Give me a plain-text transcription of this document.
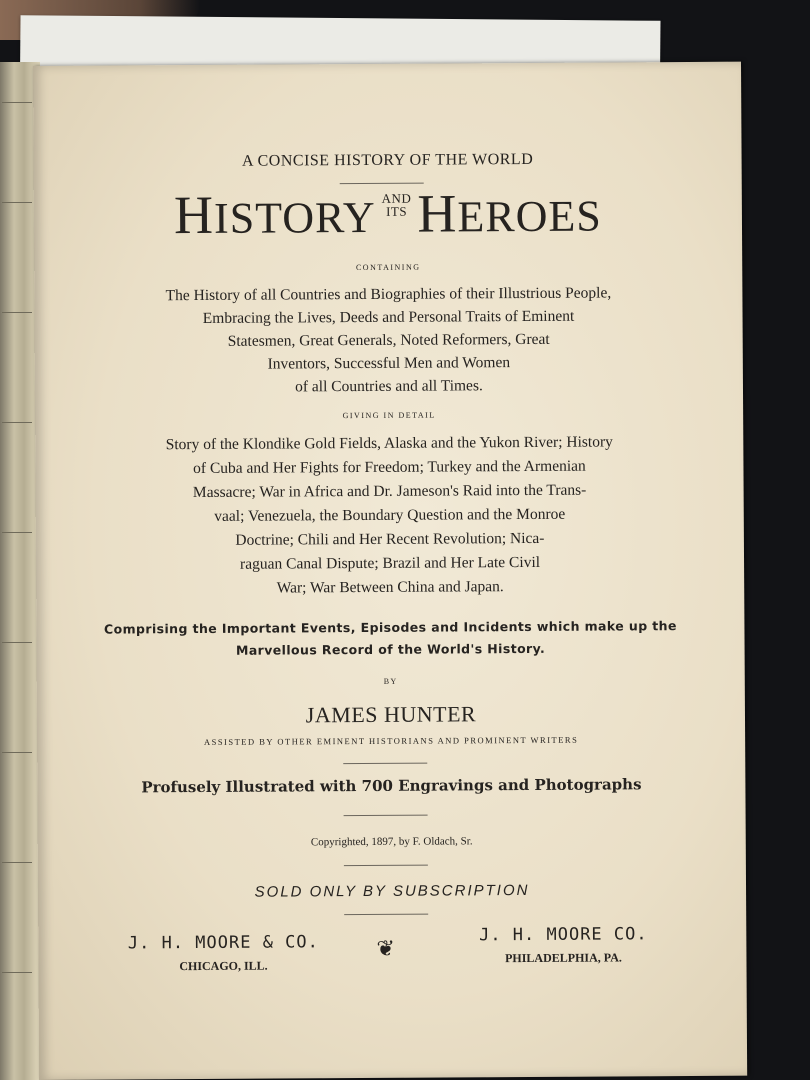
A CONCISE HISTORY OF THE WORLD
HISTORY AND
ITS HEROES
CONTAINING
The History of all Countries and Biographies of their Illustrious People,
Embracing the Lives, Deeds and Personal Traits of Eminent
Statesmen, Great Generals, Noted Reformers, Great
Inventors, Successful Men and Women
of all Countries and all Times.
GIVING IN DETAIL
Story of the Klondike Gold Fields, Alaska and the Yukon River; History
of Cuba and Her Fights for Freedom; Turkey and the Armenian
Massacre; War in Africa and Dr. Jameson's Raid into the Trans-
vaal; Venezuela, the Boundary Question and the Monroe
Doctrine; Chili and Her Recent Revolution; Nica-
raguan Canal Dispute; Brazil and Her Late Civil
War; War Between China and Japan.
Comprising the Important Events, Episodes and Incidents which make up the
Marvellous Record of the World's History.
BY
JAMES HUNTER
ASSISTED BY OTHER EMINENT HISTORIANS AND PROMINENT WRITERS
Profusely Illustrated with 700 Engravings and Photographs
Copyrighted, 1897, by F. Oldach, Sr.
SOLD ONLY BY SUBSCRIPTION
J. H. MOORE & CO.
CHICAGO, ILL.
❦
J. H. MOORE CO.
PHILADELPHIA, PA.
